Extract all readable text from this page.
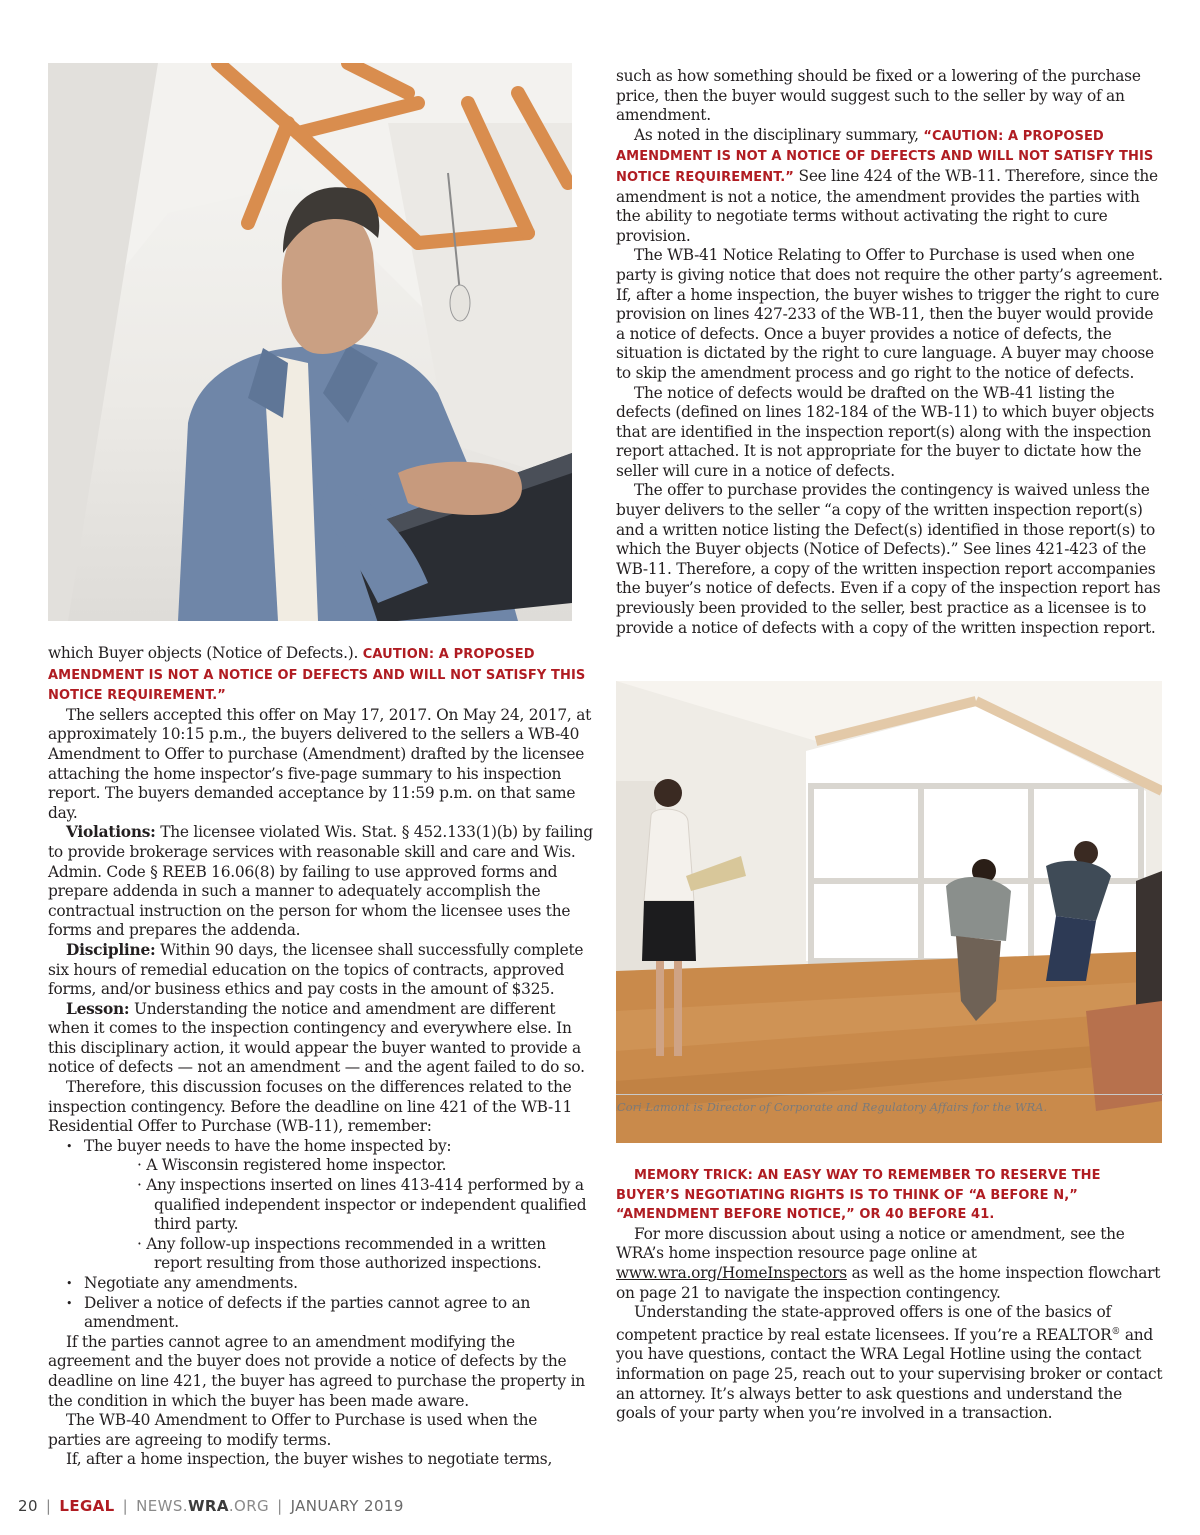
which Buyer objects (Notice of Defects.). CAUTION: A PROPOSED AMENDMENT IS NOT A NOTICE OF DEFECTS AND WILL NOT SATISFY THIS NOTICE REQUIREMENT.”

The sellers accepted this offer on May 17, 2017. On May 24, 2017, at approximately 10:15 p.m., the buyers delivered to the sellers a WB-40 Amendment to Offer to purchase (Amendment) drafted by the licensee attaching the home inspector’s five-page summary to his inspection report. The buyers demanded acceptance by 11:59 p.m. on that same day.

Violations: The licensee violated Wis. Stat. § 452.133(1)(b) by failing to provide brokerage services with reasonable skill and care and Wis. Admin. Code § REEB 16.06(8) by failing to use approved forms and prepare addenda in such a manner to adequately accomplish the contractual instruction on the person for whom the licensee uses the forms and prepares the addenda.

Discipline: Within 90 days, the licensee shall successfully complete six hours of remedial education on the topics of contracts, approved forms, and/or business ethics and pay costs in the amount of $325.

Lesson: Understanding the notice and amendment are different when it comes to the inspection contingency and everywhere else. In this disciplinary action, it would appear the buyer wanted to provide a notice of defects — not an amendment — and the agent failed to do so.

Therefore, this discussion focuses on the differences related to the inspection contingency. Before the deadline on line 421 of the WB-11 Residential Offer to Purchase (WB-11), remember:

• The buyer needs to have the home inspected by:
· A Wisconsin registered home inspector.
· Any inspections inserted on lines 413-414 performed by a qualified independent inspector or independent qualified third party.
· Any follow-up inspections recommended in a written report resulting from those authorized inspections.
• Negotiate any amendments.
• Deliver a notice of defects if the parties cannot agree to an amendment.

If the parties cannot agree to an amendment modifying the agreement and the buyer does not provide a notice of defects by the deadline on line 421, the buyer has agreed to purchase the property in the condition in which the buyer has been made aware.

The WB-40 Amendment to Offer to Purchase is used when the parties are agreeing to modify terms.

If, after a home inspection, the buyer wishes to negotiate terms,

such as how something should be fixed or a lowering of the purchase price, then the buyer would suggest such to the seller by way of an amendment.

As noted in the disciplinary summary, “CAUTION: A PROPOSED AMENDMENT IS NOT A NOTICE OF DEFECTS AND WILL NOT SATISFY THIS NOTICE REQUIREMENT.” See line 424 of the WB-11. Therefore, since the amendment is not a notice, the amendment provides the parties with the ability to negotiate terms without activating the right to cure provision.

The WB-41 Notice Relating to Offer to Purchase is used when one party is giving notice that does not require the other party’s agreement. If, after a home inspection, the buyer wishes to trigger the right to cure provision on lines 427-233 of the WB-11, then the buyer would provide a notice of defects. Once a buyer provides a notice of defects, the situation is dictated by the right to cure language. A buyer may choose to skip the amendment process and go right to the notice of defects.

The notice of defects would be drafted on the WB-41 listing the defects (defined on lines 182-184 of the WB-11) to which buyer objects that are identified in the inspection report(s) along with the inspection report attached. It is not appropriate for the buyer to dictate how the seller will cure in a notice of defects.

The offer to purchase provides the contingency is waived unless the buyer delivers to the seller “a copy of the written inspection report(s) and a written notice listing the Defect(s) identified in those report(s) to which the Buyer objects (Notice of Defects).” See lines 421-423 of the WB-11. Therefore, a copy of the written inspection report accompanies the buyer’s notice of defects. Even if a copy of the inspection report has previously been provided to the seller, best practice as a licensee is to provide a notice of defects with a copy of the written inspection report.

MEMORY TRICK: AN EASY WAY TO REMEMBER TO RESERVE THE BUYER’S NEGOTIATING RIGHTS IS TO THINK OF “A BEFORE N,” “AMENDMENT BEFORE NOTICE,” OR 40 BEFORE 41.

For more discussion about using a notice or amendment, see the WRA’s home inspection resource page online at www.wra.org/HomeInspectors as well as the home inspection flowchart on page 21 to navigate the inspection contingency.

Understanding the state-approved offers is one of the basics of competent practice by real estate licensees. If you’re a REALTOR® and you have questions, contact the WRA Legal Hotline using the contact information on page 25, reach out to your supervising broker or contact an attorney. It’s always better to ask questions and understand the goals of your party when you’re involved in a transaction.

Cori Lamont is Director of Corporate and Regulatory Affairs for the WRA.
20 | LEGAL | NEWS.WRA.ORG | JANUARY 2019
